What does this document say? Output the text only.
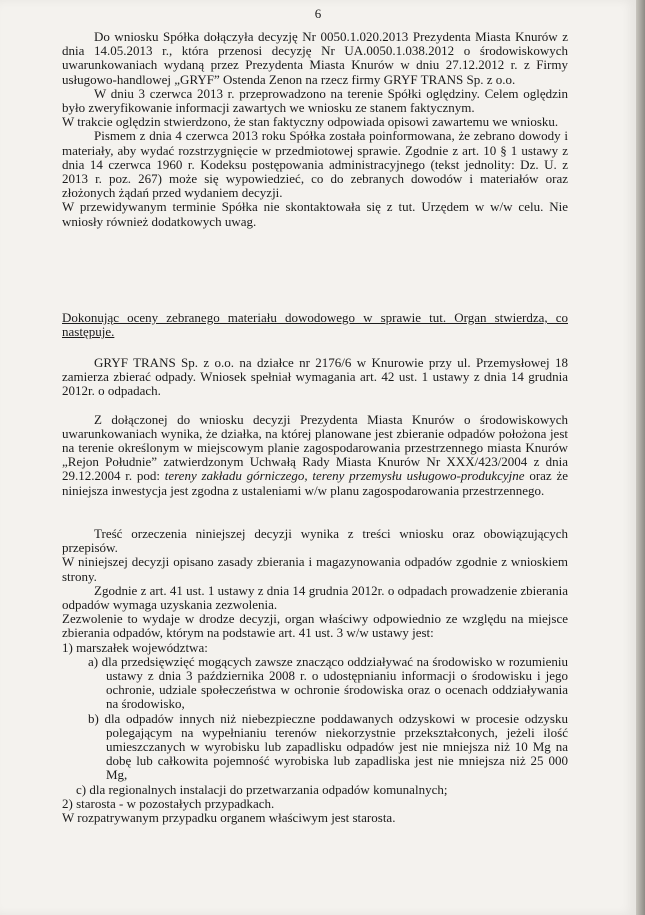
6

Do wniosku Spółka dołączyła decyzję Nr 0050.1.020.2013 Prezydenta Miasta Knurów z dnia 14.05.2013 r., która przenosi decyzję Nr UA.0050.1.038.2012 o środowiskowych uwarunkowaniach wydaną przez Prezydenta Miasta Knurów w dniu 27.12.2012 r. z Firmy usługowo-handlowej „GRYF” Ostenda Zenon na rzecz firmy GRYF TRANS Sp. z o.o.

W dniu 3 czerwca 2013 r. przeprowadzono na terenie Spółki oględziny. Celem oględzin było zweryfikowanie informacji zawartych we wniosku ze stanem faktycznym.

W trakcie oględzin stwierdzono, że stan faktyczny odpowiada opisowi zawartemu we wniosku.

Pismem z dnia 4 czerwca 2013 roku Spółka została poinformowana, że zebrano dowody i materiały, aby wydać rozstrzygnięcie w przedmiotowej sprawie. Zgodnie z art. 10 § 1 ustawy z dnia 14 czerwca 1960 r. Kodeksu postępowania administracyjnego (tekst jednolity: Dz. U. z 2013 r. poz. 267) może się wypowiedzieć, co do zebranych dowodów i materiałów oraz złożonych żądań przed wydaniem decyzji.

W przewidywanym terminie Spółka nie skontaktowała się z tut. Urzędem w w/w celu. Nie wniosły również dodatkowych uwag.

Dokonując oceny zebranego materiału dowodowego w sprawie tut. Organ stwierdza, co następuje.

GRYF TRANS Sp. z o.o. na działce nr 2176/6 w Knurowie przy ul. Przemysłowej 18 zamierza zbierać odpady. Wniosek spełniał wymagania art. 42 ust. 1 ustawy z dnia 14 grudnia 2012r. o odpadach.

Z dołączonej do wniosku decyzji Prezydenta Miasta Knurów o środowiskowych uwarunkowaniach wynika, że działka, na której planowane jest zbieranie odpadów położona jest na terenie określonym w miejscowym planie zagospodarowania przestrzennego miasta Knurów „Rejon Południe” zatwierdzonym Uchwałą Rady Miasta Knurów Nr XXX/423/2004 z dnia 29.12.2004 r. pod: tereny zakładu górniczego, tereny przemysłu usługowo-produkcyjne oraz że niniejsza inwestycja jest zgodna z ustaleniami w/w planu zagospodarowania przestrzennego.

Treść orzeczenia niniejszej decyzji wynika z treści wniosku oraz obowiązujących przepisów.

W niniejszej decyzji opisano zasady zbierania i magazynowania odpadów zgodnie z wnioskiem strony.

Zgodnie z art. 41 ust. 1 ustawy z dnia 14 grudnia 2012r. o odpadach prowadzenie zbierania odpadów wymaga uzyskania zezwolenia.

Zezwolenie to wydaje w drodze decyzji, organ właściwy odpowiednio ze względu na miejsce zbierania odpadów, którym na podstawie art. 41 ust. 3 w/w ustawy jest:

1) marszałek województwa:
a) dla przedsięwzięć mogących zawsze znacząco oddziaływać na środowisko w rozumieniu ustawy z dnia 3 października 2008 r. o udostępnianiu informacji o środowisku i jego ochronie, udziale społeczeństwa w ochronie środowiska oraz o ocenach oddziaływania na środowisko,
b) dla odpadów innych niż niebezpieczne poddawanych odzyskowi w procesie odzysku polegającym na wypełnianiu terenów niekorzystnie przekształconych, jeżeli ilość umieszczanych w wyrobisku lub zapadlisku odpadów jest nie mniejsza niż 10 Mg na dobę lub całkowita pojemność wyrobiska lub zapadliska jest nie mniejsza niż 25 000 Mg,
c) dla regionalnych instalacji do przetwarzania odpadów komunalnych;
2) starosta - w pozostałych przypadkach.

W rozpatrywanym przypadku organem właściwym jest starosta.
